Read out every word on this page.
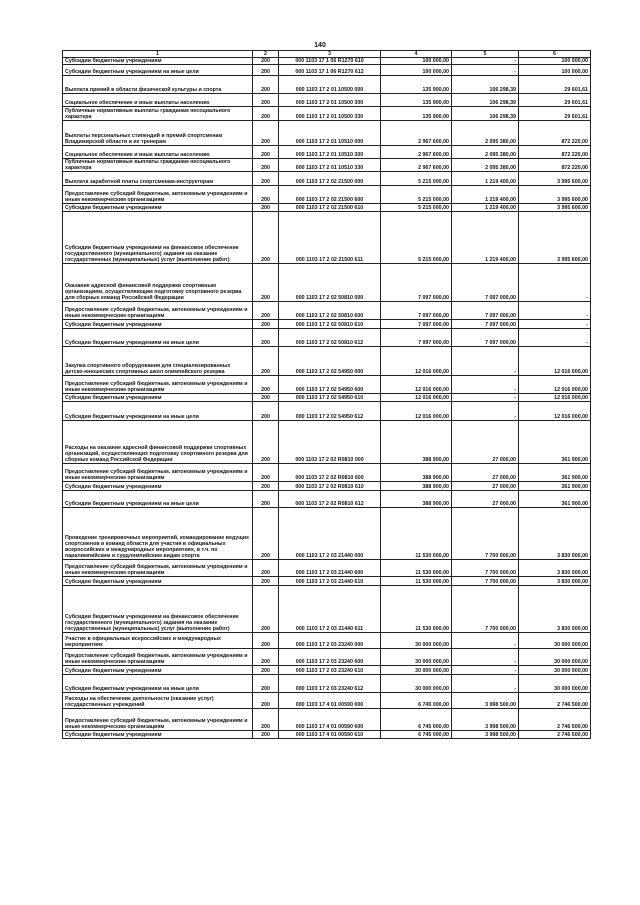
140
1	2	3	4	5	6
Субсидии бюджетным учреждениям	200	000 1103 17 1 06 R1270 610	100 000,00	-	100 000,00
Субсидии бюджетным учреждениям на иные цели	200	000 1103 17 1 06 R1270 612	100 000,00	-	100 000,00
Выплата премий в области физической культуры и спорта	200	000 1103 17 2 01 10500 000	135 900,00	106 298,39	29 601,61
Социальное обеспечение и иные выплаты населению	200	000 1103 17 2 01 10500 300	135 900,00	106 298,39	29 601,61
Публичные нормативные выплаты гражданам несоциального характера	200	000 1103 17 2 01 10500 330	135 900,00	106 298,39	29 601,61
Выплаты персональных стипендий и премий спортсменам Владимирской области и их тренерам	200	000 1103 17 2 01 10510 000	2 967 600,00	2 095 380,00	872 220,00
Социальное обеспечение и иные выплаты населению	200	000 1103 17 2 01 10510 300	2 967 600,00	2 095 380,00	872 220,00
Публичные нормативные выплаты гражданам несоциального характера	200	000 1103 17 2 01 10510 330	2 967 600,00	2 095 380,00	872 220,00
Выплата заработной платы спортсменам-инструкторам	200	000 1103 17 2 02 21500 000	5 215 000,00	1 219 400,00	3 995 600,00
Предоставление субсидий бюджетным, автономным учреждениям и иным некоммерческим организациям	200	000 1103 17 2 02 21500 600	5 215 000,00	1 219 400,00	3 995 600,00
Субсидии бюджетным учреждениям	200	000 1103 17 2 02 21500 610	5 215 000,00	1 219 400,00	3 995 600,00
Субсидии бюджетным учреждениям на финансовое обеспечение государственного (муниципального) задания на оказание государственных (муниципальных) услуг (выполнение работ)	200	000 1103 17 2 02 21500 611	5 215 000,00	1 219 400,00	3 995 600,00
Оказание адресной финансовой поддержки спортивным организациям, осуществляющим подготовку спортивного резерва для сборных команд Российской Федерации	200	000 1103 17 2 02 50810 000	7 097 000,00	7 097 000,00	-
Предоставление субсидий бюджетным, автономным учреждениям и иным некоммерческим организациям	200	000 1103 17 2 02 50810 600	7 097 000,00	7 097 000,00	-
Субсидии бюджетным учреждениям	200	000 1103 17 2 02 50810 610	7 097 000,00	7 097 000,00	-
Субсидии бюджетным учреждениям на иные цели	200	000 1103 17 2 02 50810 612	7 097 000,00	7 097 000,00	-
Закупка спортивного оборудования для специализированных детско-юношеских спортивных школ олимпийского резерва	200	000 1103 17 2 02 54950 000	12 016 000,00	-	12 016 000,00
Предоставление субсидий бюджетным, автономным учреждениям и иным некоммерческим организациям	200	000 1103 17 2 02 54950 600	12 016 000,00	-	12 016 000,00
Субсидии бюджетным учреждениям	200	000 1103 17 2 02 54950 610	12 016 000,00	-	12 016 000,00
Субсидии бюджетным учреждениям на иные цели	200	000 1103 17 2 02 54950 612	12 016 000,00	-	12 016 000,00
Расходы на оказание адресной финансовой поддержки спортивных организаций, осуществляющих подготовку спортивного резерва для сборных команд Российской Федерации	200	000 1103 17 2 02 R0810 000	388 900,00	27 000,00	361 900,00
Предоставление субсидий бюджетным, автономным учреждениям и иным некоммерческим организациям	200	000 1103 17 2 02 R0810 600	388 900,00	27 000,00	361 900,00
Субсидии бюджетным учреждениям	200	000 1103 17 2 02 R0810 610	388 900,00	27 000,00	361 900,00
Субсидии бюджетным учреждениям на иные цели	200	000 1103 17 2 02 R0810 612	388 900,00	27 000,00	361 900,00
Проведение тренировочных мероприятий, командирование ведущих спортсменов и команд области для участия в официальных всероссийских и международных мероприятиях, в т.ч. по паралимпийским и сурдлимпийским видам спорта	200	000 1103 17 2 03 21440 000	11 530 000,00	7 700 000,00	3 830 000,00
Предоставление субсидий бюджетным, автономным учреждениям и иным некоммерческим организациям	200	000 1103 17 2 03 21440 600	11 530 000,00	7 700 000,00	3 830 000,00
Субсидии бюджетным учреждениям	200	000 1103 17 2 03 21440 610	11 530 000,00	7 700 000,00	3 830 000,00
Субсидии бюджетным учреждениям на финансовое обеспечение государственного (муниципального) задания на оказание государственных (муниципальных) услуг (выполнение работ)	200	000 1103 17 2 03 21440 611	11 530 000,00	7 700 000,00	3 830 000,00
Участие в официальных всероссийских и международных мероприятиях	200	000 1103 17 2 03 23240 000	30 000 000,00	-	30 000 000,00
Предоставление субсидий бюджетным, автономным учреждениям и иным некоммерческим организациям	200	000 1103 17 2 03 23240 600	30 000 000,00	-	30 000 000,00
Субсидии бюджетным учреждениям	200	000 1103 17 2 03 23240 610	30 000 000,00	-	30 000 000,00
Субсидии бюджетным учреждениям на иные цели	200	000 1103 17 2 03 23240 612	30 000 000,00	-	30 000 000,00
Расходы на обеспечение деятельности (оказание услуг) государственных учреждений	200	000 1103 17 4 01 00590 000	6 745 000,00	3 998 500,00	2 746 500,00
Предоставление субсидий бюджетным, автономным учреждениям и иным некоммерческим организациям	200	000 1103 17 4 01 00590 600	6 745 000,00	3 998 500,00	2 746 500,00
Субсидии бюджетным учреждениям	200	000 1103 17 4 01 00590 610	6 745 000,00	3 998 500,00	2 746 500,00
